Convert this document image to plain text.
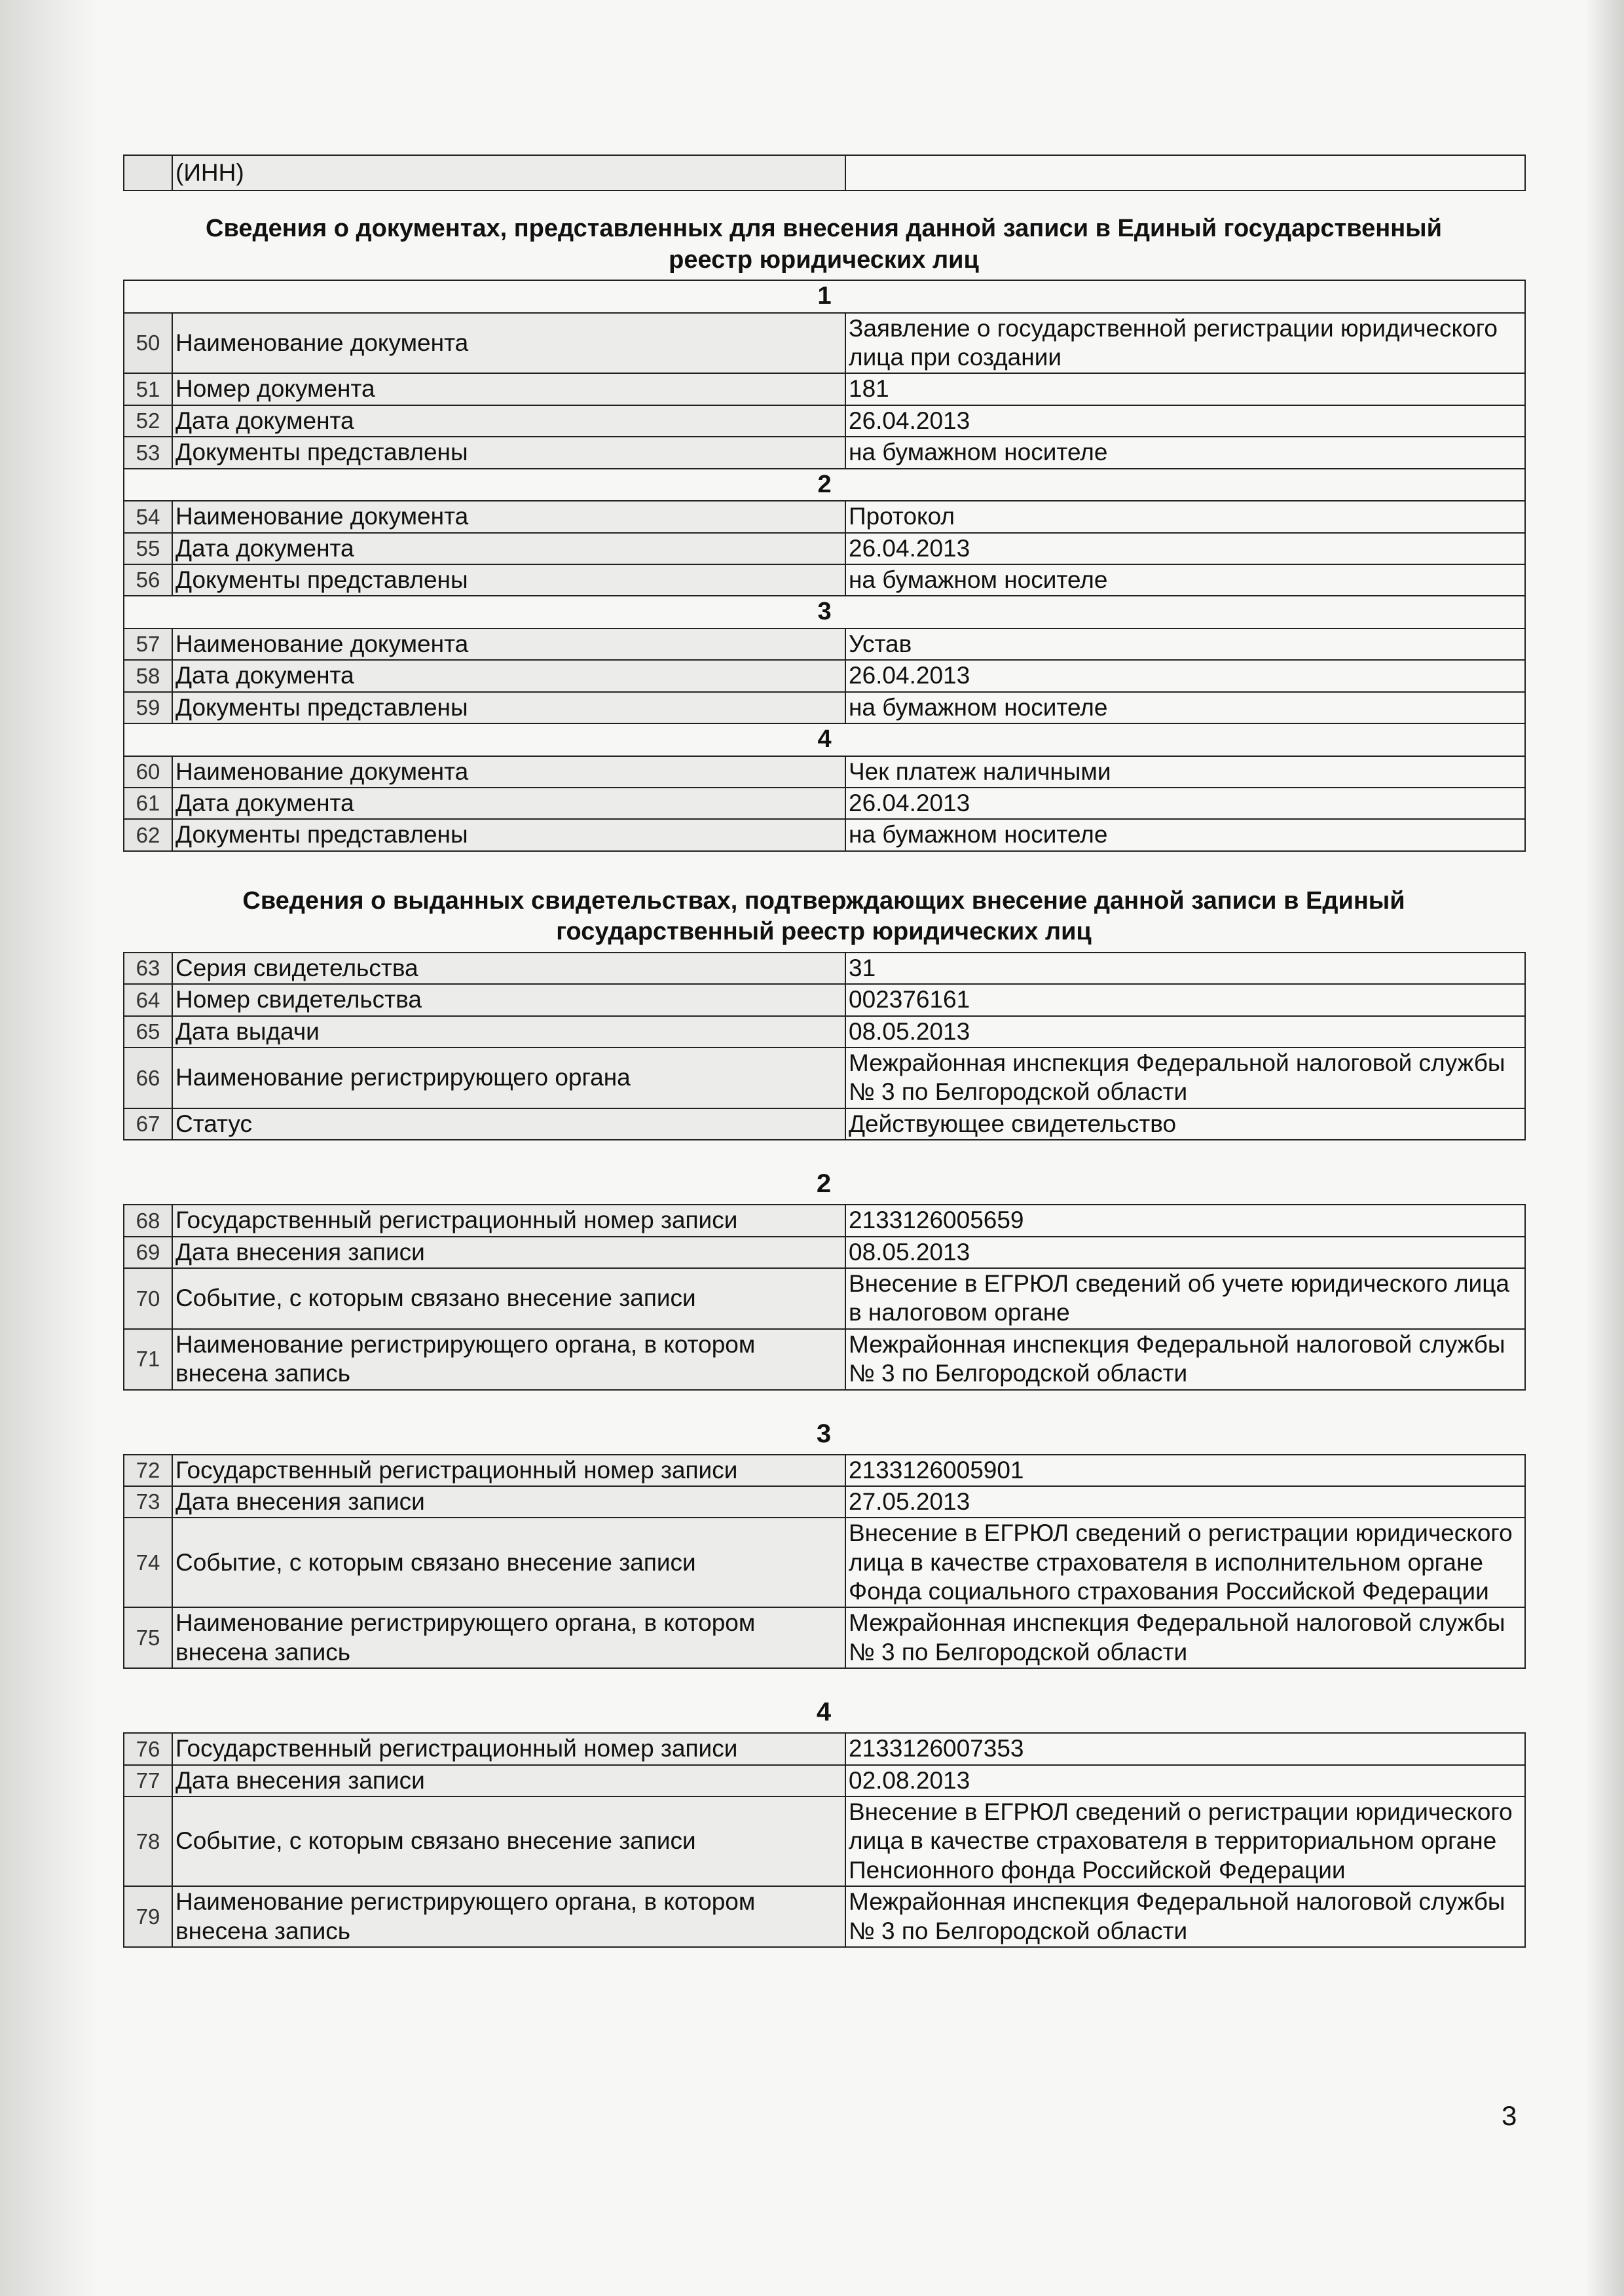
	(ИНН)	
Сведения о документах, представленных для внесения данной записи в Единый государственный
реестр юридических лиц
1		
50	Наименование документа	Заявление о государственной регистрации юридического лица при создании
51	Номер документа	181
52	Дата документа	26.04.2013
53	Документы представлены	на бумажном носителе
2		
54	Наименование документа	Протокол
55	Дата документа	26.04.2013
56	Документы представлены	на бумажном носителе
3		
57	Наименование документа	Устав
58	Дата документа	26.04.2013
59	Документы представлены	на бумажном носителе
4		
60	Наименование документа	Чек платеж наличными
61	Дата документа	26.04.2013
62	Документы представлены	на бумажном носителе
Сведения о выданных свидетельствах, подтверждающих внесение данной записи в Единый
государственный реестр юридических лиц
63	Серия свидетельства	31
64	Номер свидетельства	002376161
65	Дата выдачи	08.05.2013
66	Наименование регистрирующего органа	Межрайонная инспекция Федеральной налоговой службы № 3 по Белгородской области
67	Статус	Действующее свидетельство
2
68	Государственный регистрационный номер записи	2133126005659
69	Дата внесения записи	08.05.2013
70	Событие, с которым связано внесение записи	Внесение в ЕГРЮЛ сведений об учете юридического лица в налоговом органе
71	Наименование регистрирующего органа, в котором внесена запись	Межрайонная инспекция Федеральной налоговой службы № 3 по Белгородской области
3
72	Государственный регистрационный номер записи	2133126005901
73	Дата внесения записи	27.05.2013
74	Событие, с которым связано внесение записи	Внесение в ЕГРЮЛ сведений о регистрации юридического лица в качестве страхователя в исполнительном органе Фонда социального страхования Российской Федерации
75	Наименование регистрирующего органа, в котором внесена запись	Межрайонная инспекция Федеральной налоговой службы № 3 по Белгородской области
4
76	Государственный регистрационный номер записи	2133126007353
77	Дата внесения записи	02.08.2013
78	Событие, с которым связано внесение записи	Внесение в ЕГРЮЛ сведений о регистрации юридического лица в качестве страхователя в территориальном органе Пенсионного фонда Российской Федерации
79	Наименование регистрирующего органа, в котором внесена запись	Межрайонная инспекция Федеральной налоговой службы № 3 по Белгородской области
3
